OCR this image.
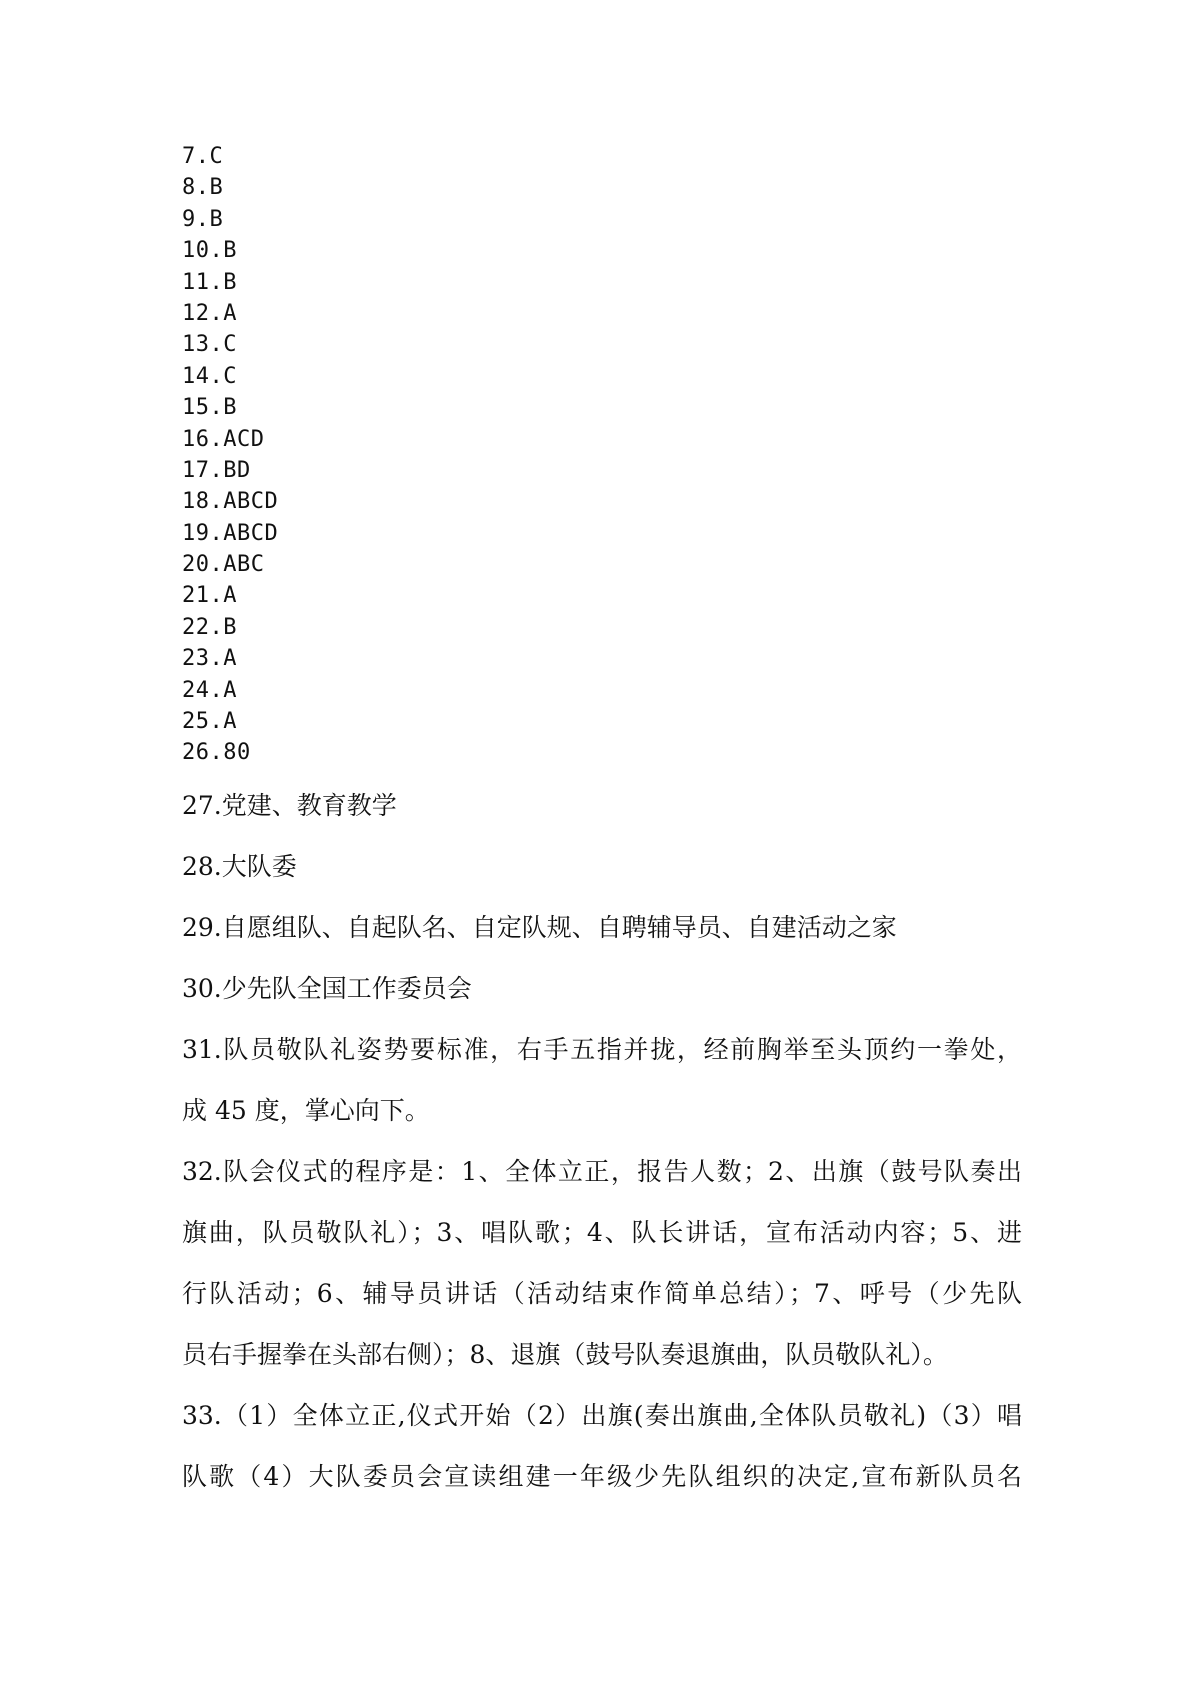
7.C
8.B
9.B
10.B
11.B
12.A
13.C
14.C
15.B
16.ACD
17.BD
18.ABCD
19.ABCD
20.ABC
21.A
22.B
23.A
24.A
25.A
26.80

27.党建、教育教学

28.大队委

29.自愿组队、自起队名、自定队规、自聘辅导员、自建活动之家

30.少先队全国工作委员会

31.队员敬队礼姿势要标准，右手五指并拢，经前胸举至头顶约一拳处，
成 45 度，掌心向下。
32.队会仪式的程序是：1、全体立正，报告人数；2、出旗（鼓号队奏出
旗曲，队员敬队礼）；3、唱队歌；4、队长讲话，宣布活动内容；5、进
行队活动；6、辅导员讲话（活动结束作简单总结）；7、呼号（少先队
员右手握拳在头部右侧）；8、退旗（鼓号队奏退旗曲，队员敬队礼）。
33.（1）全体立正,仪式开始（2）出旗(奏出旗曲,全体队员敬礼)（3）唱
队歌（4）大队委员会宣读组建一年级少先队组织的决定,宣布新队员名
